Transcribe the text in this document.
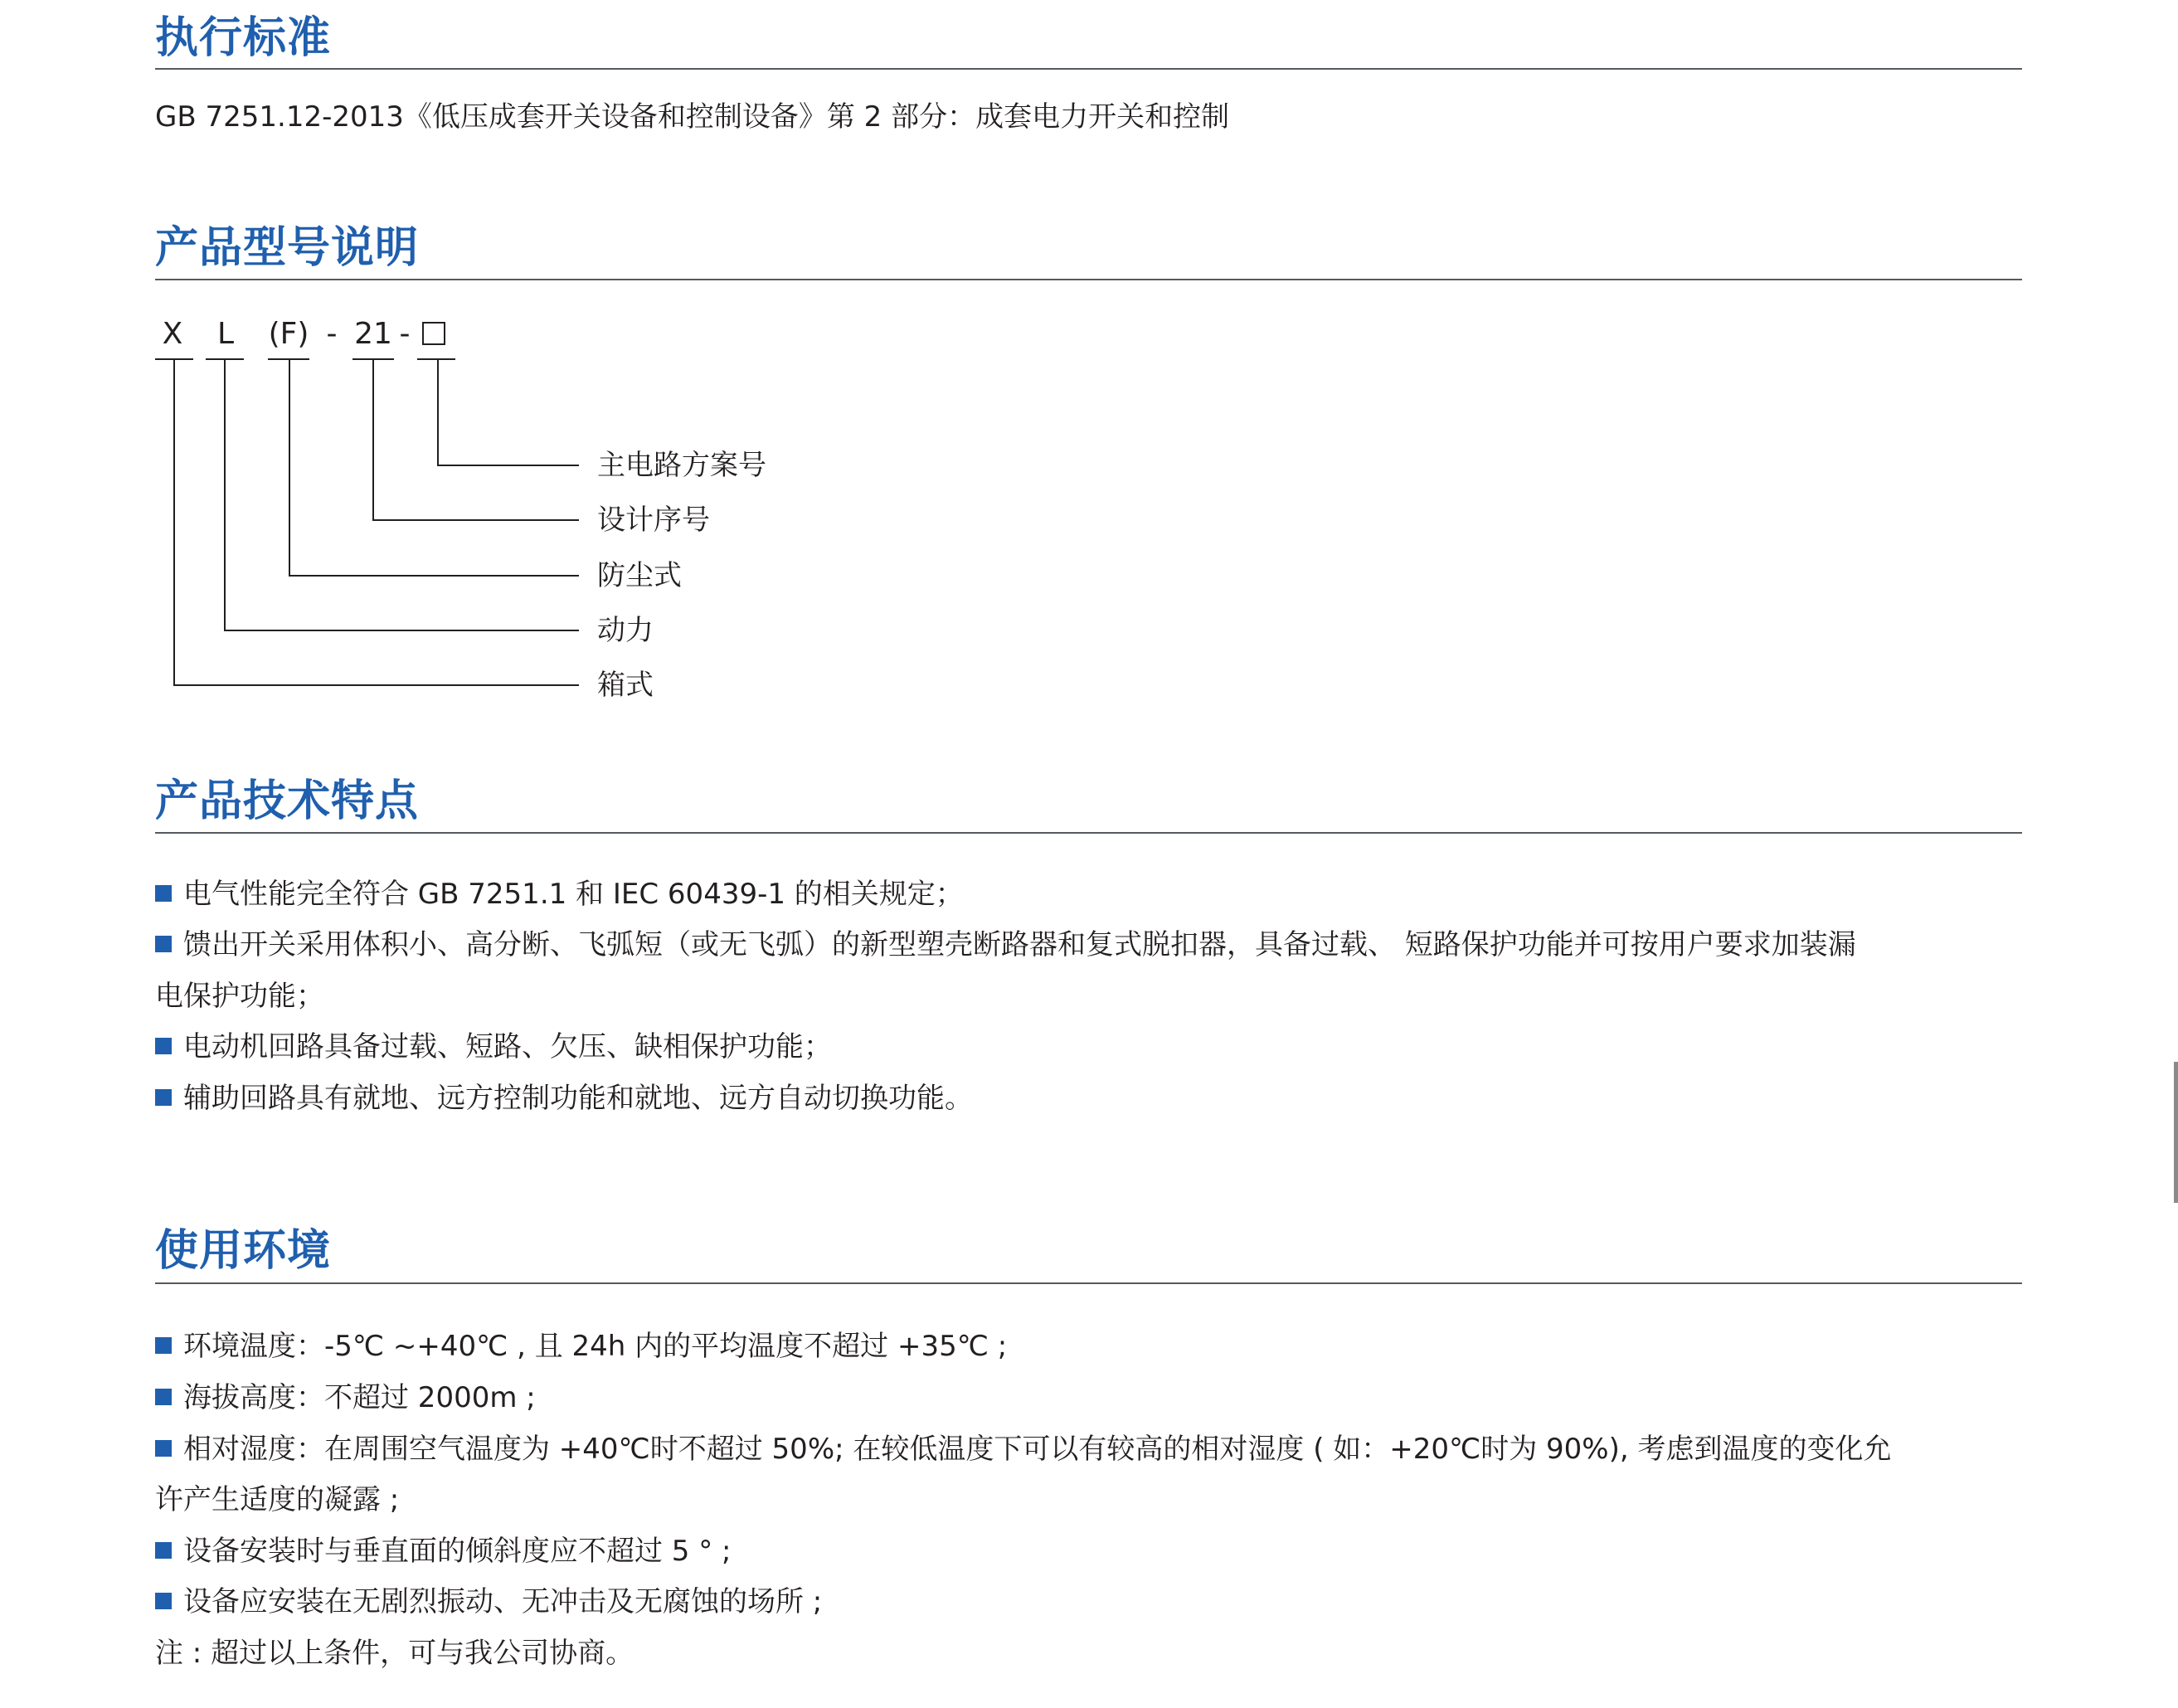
执行标准
GB 7251.12-2013《低压成套开关设备和控制设备》第 2 部分：成套电力开关和控制
产品型号说明
X L (F) - 21 -
主电路方案号
设计序号
防尘式
动力
箱式
产品技术特点
电气性能完全符合 GB 7251.1 和 IEC 60439-1 的相关规定；
馈出开关采用体积小、高分断、飞弧短（或无飞弧）的新型塑壳断路器和复式脱扣器，具备过载、 短路保护功能并可按用户要求加装漏
电保护功能；
电动机回路具备过载、短路、欠压、缺相保护功能；
辅助回路具有就地、远方控制功能和就地、远方自动切换功能。
使用环境
环境温度：-5℃ ~+40℃ , 且 24h 内的平均温度不超过 +35℃ ;
海拔高度：不超过 2000m ;
相对湿度：在周围空气温度为 +40℃时不超过 50%; 在较低温度下可以有较高的相对湿度 ( 如：+20℃时为 90%), 考虑到温度的变化允
许产生适度的凝露 ;
设备安装时与垂直面的倾斜度应不超过 5 ° ;
设备应安装在无剧烈振动、无冲击及无腐蚀的场所 ;
注 : 超过以上条件，可与我公司协商。
